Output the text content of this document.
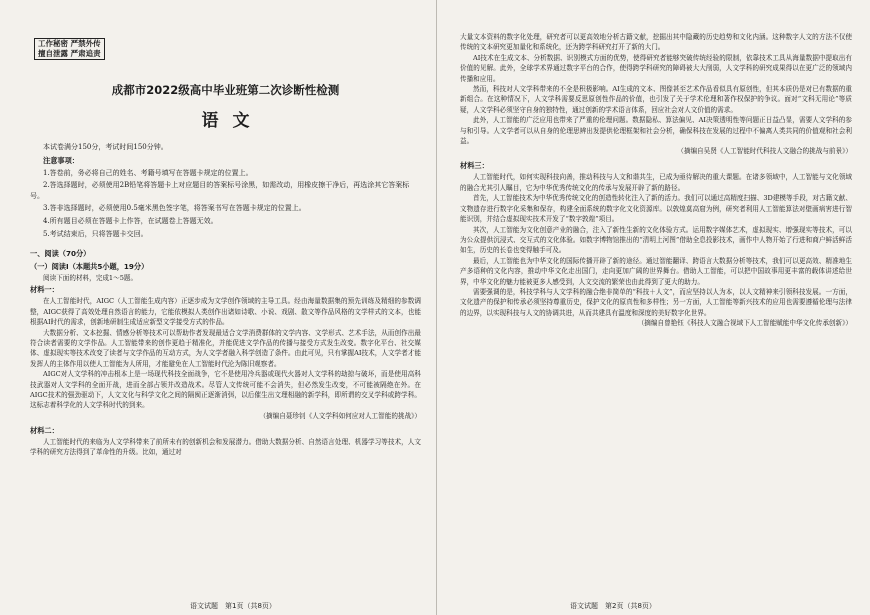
工作秘密 严禁外传
擅自泄露 严肃追责
成都市2022级高中毕业班第二次诊断性检测
语文

本试卷满分150分，考试时间150分钟。

注意事项：

1.答卷前，务必将自己的姓名、考籍号填写在答题卡规定的位置上。

2.答选择题时，必须使用2B铅笔将答题卡上对应题目的答案标号涂黑，如需改动，用橡皮擦干净后，再选涂其它答案标号。

3.答非选择题时，必须使用0.5毫米黑色签字笔，将答案书写在答题卡规定的位置上。

4.所有题目必须在答题卡上作答，在试题卷上答题无效。

5.考试结束后，只将答题卡交回。

一、阅读（70分）

（一）阅读Ⅰ（本题共5小题，19分）

阅读下面的材料，完成1～5题。

材料一：

在人工智能时代，AIGC（人工智能生成内容）正逐步成为文学创作领域的主导工具。经由海量数据集的预先训练及精细的参数调整，AIGC获得了高效处理自然语言的能力，它能依模拟人类创作出诸如诗歌、小说、戏剧、散文等作品风格的文学样式的文本，也能根据AI时代的需求，创新地研制生成适应新型文学接受方式的作品。

大数据分析、文本挖掘、情感分析等技术可以帮助作者发现最适合文学消费群体的文学内容、文学形式、艺术手法，从而创作出最符合读者需要的文学作品。人工智能带来的创作更趋于精准化，并能促进文学作品的传播与接受方式发生改变。数字化平台、社交媒体、虚拟现实等技术改变了读者与文学作品的互动方式，为人文学者融入科学创造了条件。由此可见，只有掌握AI技术，人文学者才能发挥人的主体作用以使人工智能为人所用，才能避免在人工智能时代沦为陈旧观察者。

AIGC对人文学科的冲击根本上是一场现代科技全面战争，它不是使用冷兵器或现代火器对人文学科的劫掠与破坏，而是使用高科技武器对人文学科的全面开战，进而全部占领并改造战术。尽管人文传统可能不会消失，但必然发生改变，不可能被隔绝在外。在AIGC技术的强劲驱动下，人文文化与科学文化之间的隔阂正逐渐消弭，以后催生出文理相融的新学科，即所谓的交叉学科或跨学科。这标志着科学化的人文学科时代的到来。

（摘编自聂珍钊《人文学科如何应对人工智能的挑战》）

材料二：

人工智能时代的来临为人文学科带来了前所未有的创新机会和发展潜力。借助大数据分析、自然语言处理、机器学习等技术，人文学科的研究方法得到了革命性的升级。比如，通过对

语文试题　第1页（共8页）

大量文本资料的数字化处理，研究者可以更高效地分析古籍文献，挖掘出其中隐藏的历史趋势和文化内涵。这种数字人文的方法不仅使传统的文本研究更加量化和系统化，还为跨学科研究打开了新的大门。

AI技术在生成文本、分析数据、识别模式方面的优势，使得研究者能够突破传统经验的限制，依靠技术工具从海量数据中提取出有价值的见解。此外，全球学术界通过数字平台的合作，使得跨学科研究的障碍被大大削弱，人文学科的研究成果得以在更广泛的领域内传播和应用。

然而，科技对人文学科带来的不全是积极影响。AI生成的文本、图像甚至艺术作品看似具有原创性，但其本质仍是对已有数据的重新组合。在这种情况下，人文学科需要反思原创性作品的价值，也引发了关于学术伦理和著作权保护的争议。面对“文科无用论”等质疑，人文学科必须坚守自身的独特性，通过创新的学术语言体系，回应社会对人文价值的需求。

此外，人工智能的广泛应用也带来了严重的伦理问题。数据隐私、算法偏见、AI决策透明性等问题正日益凸显，需要人文学科的参与和引导。人文学者可以从自身的伦理思辨出发提供伦理框架和社会分析，确保科技在发展的过程中不偏离人类共同的价值观和社会利益。

（摘编自吴贤《人工智能时代科技人文融合的挑战与前景》）

材料三：

人工智能时代，如何实现科技向善，推动科技与人文和谐共生，已成为亟待解决的重大课题。在诸多领域中，人工智能与文化领域的融合尤其引人瞩目，它为中华优秀传统文化的传承与发展开辟了新的路径。

首先，人工智能技术为中华优秀传统文化的创造性转化注入了新的活力。我们可以通过高精度扫描、3D建模等手段，对古籍文献、文物遗存进行数字化采集和保存，构建全面系统的数字化文化资源库。以敦煌莫高窟为例，研究者利用人工智能算法对壁画病害进行智能识别，并结合虚拟现实技术开发了“数字敦煌”项目。

其次，人工智能为文化创意产业的融合，注入了新性生新的文化体验方式。运用数字媒体艺术，虚拟现实、增强现实等技术，可以为公众提供沉浸式、交互式的文化体验。如数字博物馆推出的“清明上河图”借助全息投影技术，画作中人物开始了行进和商户鲜活鲜活如生，历史的长卷也变得触手可及。

最后，人工智能也为中华文化的国际传播开辟了新的途径。通过智能翻译、跨语言大数据分析等技术，我们可以更高效、精准地生产多语种的文化内容，推动中华文化走出国门，走向更加广阔的世界舞台。借助人工智能，可以把中国故事用更丰富的载体讲述给世界，中华文化的魅力能被更多人感受到，人文交流的繁荣也由此得到了更大的助力。

需要强调的是，科技学科与人文学科的融合绝非简单的“科技＋人文”，而应坚持以人为本，以人文精神来引领科技发展。一方面，文化遗产的保护和传承必须坚持尊重历史，保护文化的原真性和多样性；另一方面，人工智能等新兴技术的应用也需要遵循伦理与法律的边界，以实现科技与人文的协调共进，从而共建具有温度和深度的美好数字化世界。

（摘编自曾艳钰《科技人文融合视域下人工智能赋能中华文化传承创新》）

语文试题　第2页（共8页）
